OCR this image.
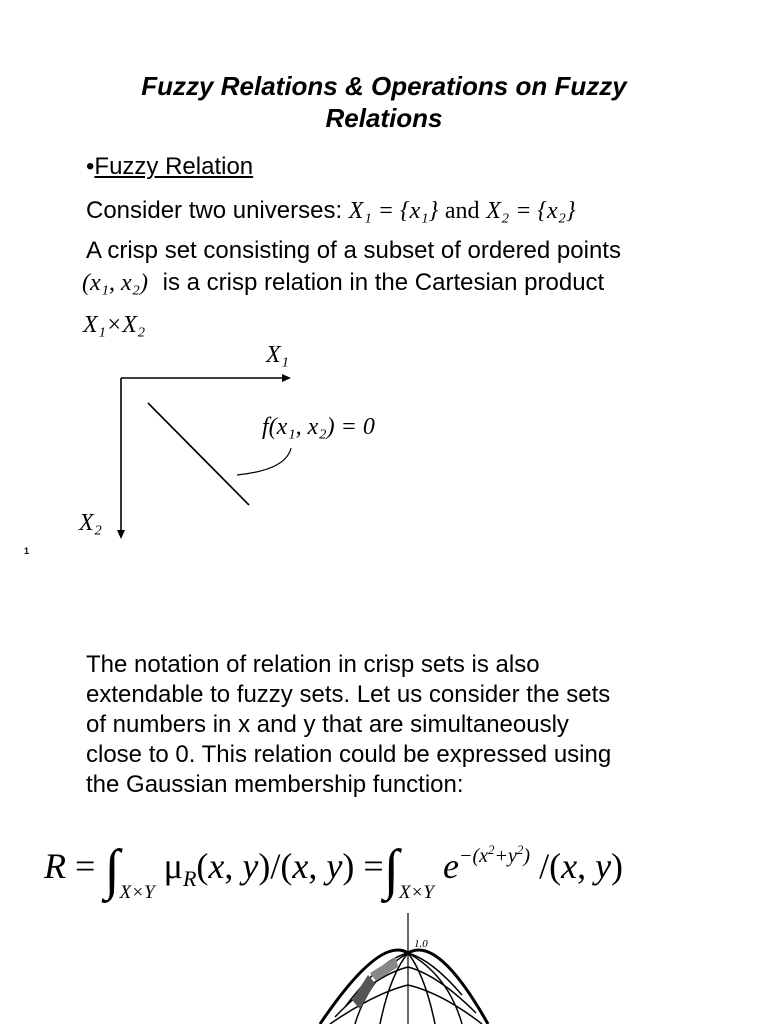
Fuzzy Relations & Operations on Fuzzy
Relations
•Fuzzy Relation
Consider two universes: X₁ = {x₁} and X₂ = {x₂}
A crisp set consisting of a subset of ordered points
(x₁, x₂) is a crisp relation in the Cartesian product
X₁×X₂
X₁
X₂
f(x₁, x₂) = 0
1
The notation of relation in crisp sets is also
extendable to fuzzy sets. Let us consider the sets
of numbers in x and y that are simultaneously
close to 0. This relation could be expressed using
the Gaussian membership function:
$R = \int_{X\times Y}$ $\mu_R(x$, y)/(x, $y) =\int_{X\times Y}$ $e^{-(x^2+y^2)}$ /(x, y)
1.0
